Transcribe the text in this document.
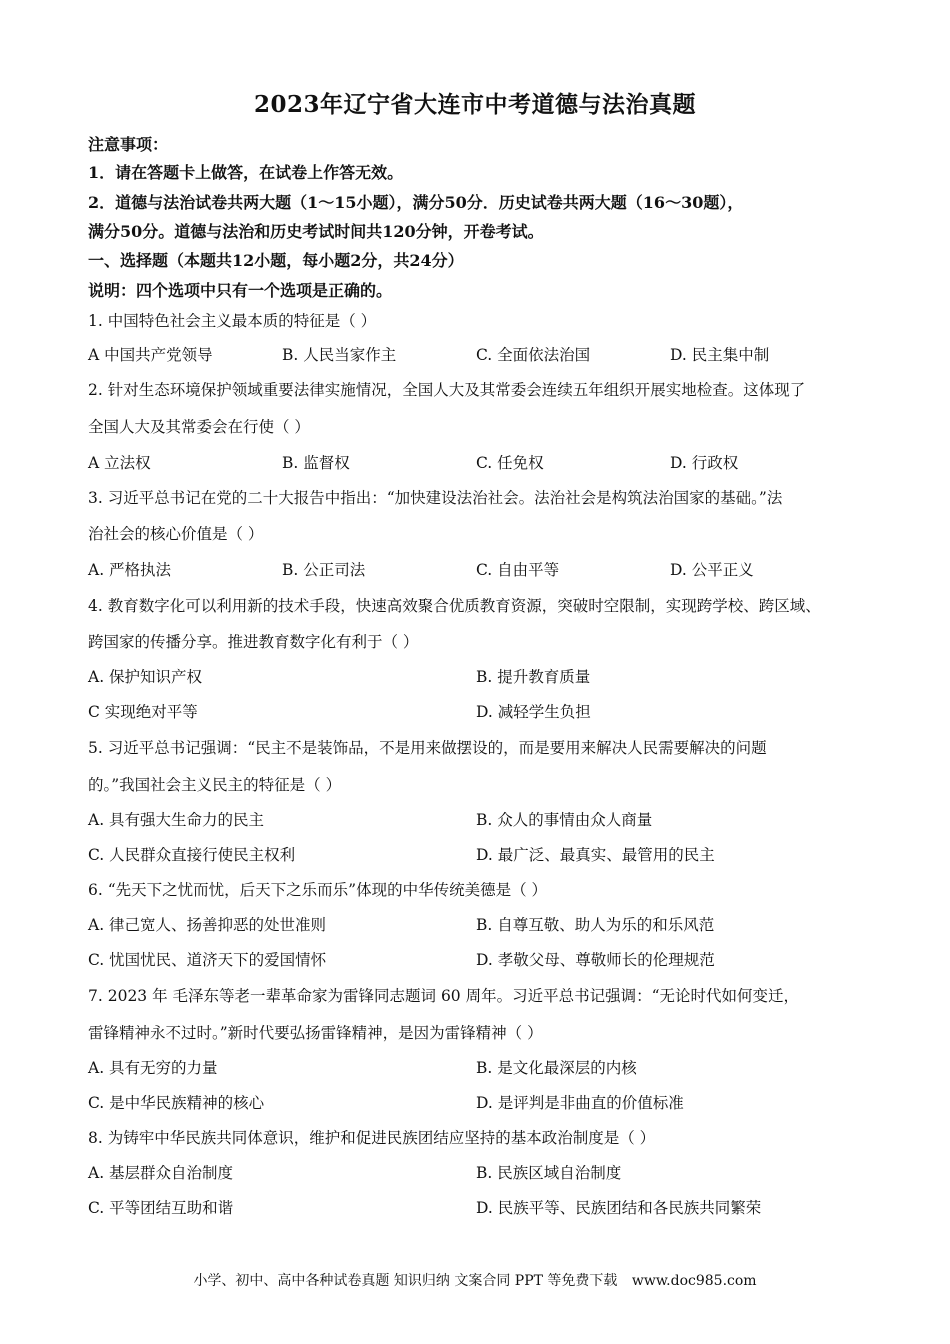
2023年辽宁省大连市中考道德与法治真题
注意事项：
1．请在答题卡上做答，在试卷上作答无效。
2．道德与法治试卷共两大题（1～15小题），满分50分．历史试卷共两大题（16～30题），
满分50分。道德与法治和历史考试时间共120分钟，开卷考试。
一、选择题（本题共12小题，每小题2分，共24分）
说明：四个选项中只有一个选项是正确的。
1. 中国特色社会主义最本质的特征是（ ）
A 中国共产党领导	B. 人民当家作主	C. 全面依法治国	D. 民主集中制
2. 针对生态环境保护领域重要法律实施情况，全国人大及其常委会连续五年组织开展实地检查。这体现了
全国人大及其常委会在行使（ ）
A 立法权	B. 监督权	C. 任免权	D. 行政权
3. 习近平总书记在党的二十大报告中指出：“加快建设法治社会。法治社会是构筑法治国家的基础。”法
治社会的核心价值是（ ）
A. 严格执法	B. 公正司法	C. 自由平等	D. 公平正义
4. 教育数字化可以利用新的技术手段，快速高效聚合优质教育资源，突破时空限制，实现跨学校、跨区域、
跨国家的传播分享。推进教育数字化有利于（ ）
A. 保护知识产权	B. 提升教育质量
C 实现绝对平等	D. 减轻学生负担
5. 习近平总书记强调：“民主不是装饰品，不是用来做摆设的，而是要用来解决人民需要解决的问题
的。”我国社会主义民主的特征是（ ）
A. 具有强大生命力的民主	B. 众人的事情由众人商量
C. 人民群众直接行使民主权利	D. 最广泛、最真实、最管用的民主
6. “先天下之忧而忧，后天下之乐而乐”体现的中华传统美德是（ ）
A. 律己宽人、扬善抑恶的处世准则	B. 自尊互敬、助人为乐的和乐风范
C. 忧国忧民、道济天下的爱国情怀	D. 孝敬父母、尊敬师长的伦理规范
7. 2023 年 毛泽东等老一辈革命家为雷锋同志题词 60 周年。习近平总书记强调：“无论时代如何变迁，
雷锋精神永不过时。”新时代要弘扬雷锋精神，是因为雷锋精神（ ）
A. 具有无穷的力量	B. 是文化最深层的内核
C. 是中华民族精神的核心	D. 是评判是非曲直的价值标准
8. 为铸牢中华民族共同体意识，维护和促进民族团结应坚持的基本政治制度是（ ）
A. 基层群众自治制度	B. 民族区域自治制度
C. 平等团结互助和谐	D. 民族平等、民族团结和各民族共同繁荣
小学、初中、高中各种试卷真题 知识归纳 文案合同 PPT 等免费下载 www.doc985.com
